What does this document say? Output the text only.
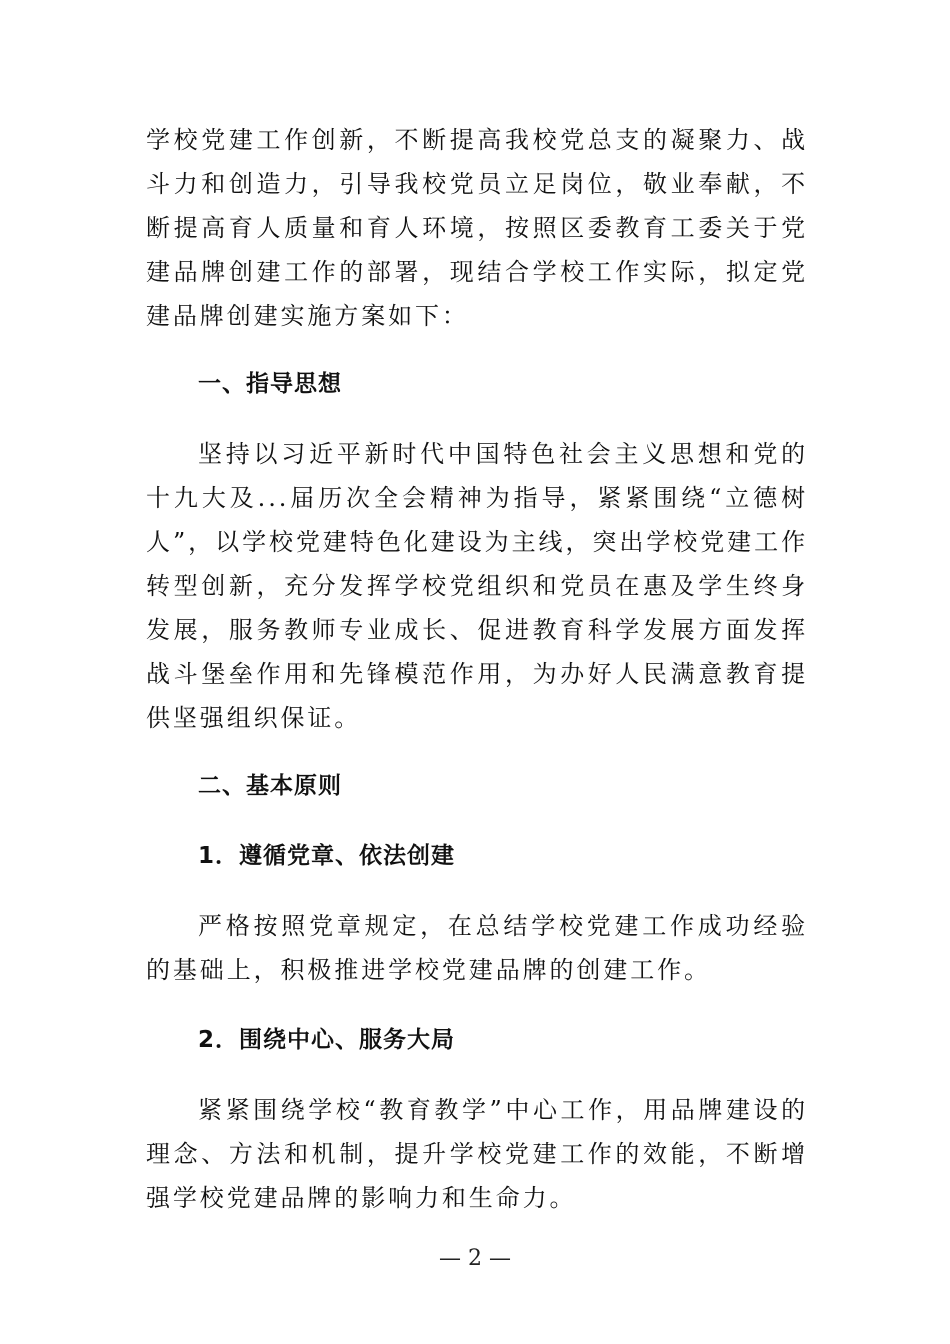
学校党建工作创新，不断提高我校党总支的凝聚力、战斗力和创造力，引导我校党员立足岗位，敬业奉献，不断提高育人质量和育人环境，按照区委教育工委关于党建品牌创建工作的部署，现结合学校工作实际，拟定党建品牌创建实施方案如下：

一、指导思想

坚持以习近平新时代中国特色社会主义思想和党的十九大及...届历次全会精神为指导，紧紧围绕“立德树人”，以学校党建特色化建设为主线，突出学校党建工作转型创新，充分发挥学校党组织和党员在惠及学生终身发展，服务教师专业成长、促进教育科学发展方面发挥战斗堡垒作用和先锋模范作用，为办好人民满意教育提供坚强组织保证。

二、基本原则

1．遵循党章、依法创建

严格按照党章规定，在总结学校党建工作成功经验的基础上，积极推进学校党建品牌的创建工作。

2．围绕中心、服务大局

紧紧围绕学校“教育教学”中心工作，用品牌建设的理念、方法和机制，提升学校党建工作的效能，不断增强学校党建品牌的影响力和生命力。

— 2 —
